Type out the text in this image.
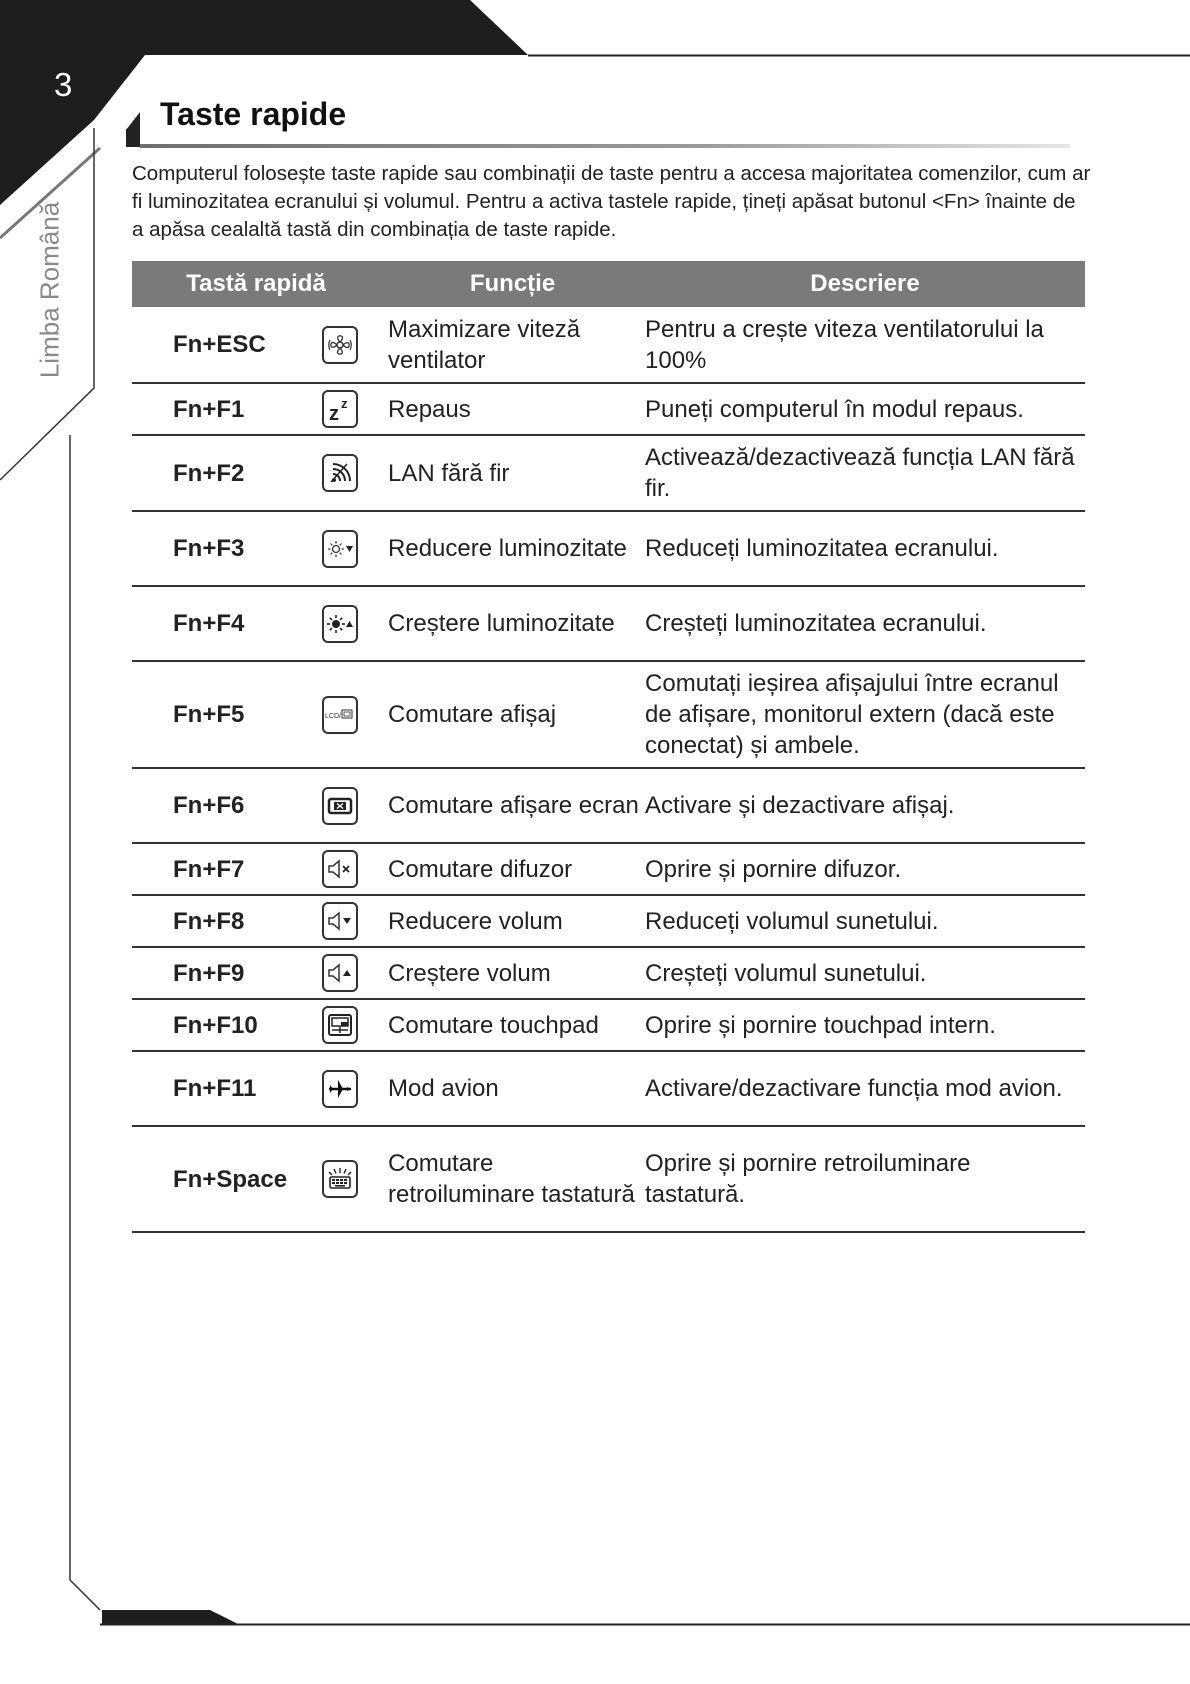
3
Limba Română
Taste rapide

Computerul folosește taste rapide sau combinații de taste pentru a accesa majoritatea comenzilor, cum ar fi luminozitatea ecranului și volumul. Pentru a activa tastele rapide, țineți apăsat butonul <Fn> înainte de a apăsa cealaltă tastă din combinația de taste rapide.

Tastă rapidă		Funcție	Descriere
Fn+ESC		Maximizare viteză ventilator	Pentru a crește viteza ventilatorului la 100%
Fn+F1	z z	Repaus	Puneți computerul în modul repaus.
Fn+F2		LAN fără fir	Activează/dezactivează funcția LAN fără fir.
Fn+F3		Reducere luminozitate	Reduceți luminozitatea ecranului.
Fn+F4		Creștere luminozitate	Creșteți luminozitatea ecranului.
Fn+F5	LCD/	Comutare afișaj	Comutați ieșirea afișajului între ecranul de afișare, monitorul extern (dacă este conectat) și ambele.
Fn+F6		Comutare afișare ecran	Activare și dezactivare afișaj.
Fn+F7		Comutare difuzor	Oprire și pornire difuzor.
Fn+F8		Reducere volum	Reduceți volumul sunetului.
Fn+F9		Creștere volum	Creșteți volumul sunetului.
Fn+F10		Comutare touchpad	Oprire și pornire touchpad intern.
Fn+F11		Mod avion	Activare/dezactivare funcția mod avion.
Fn+Space		Comutare retroiluminare tastatură	Oprire și pornire retroiluminare tastatură.
